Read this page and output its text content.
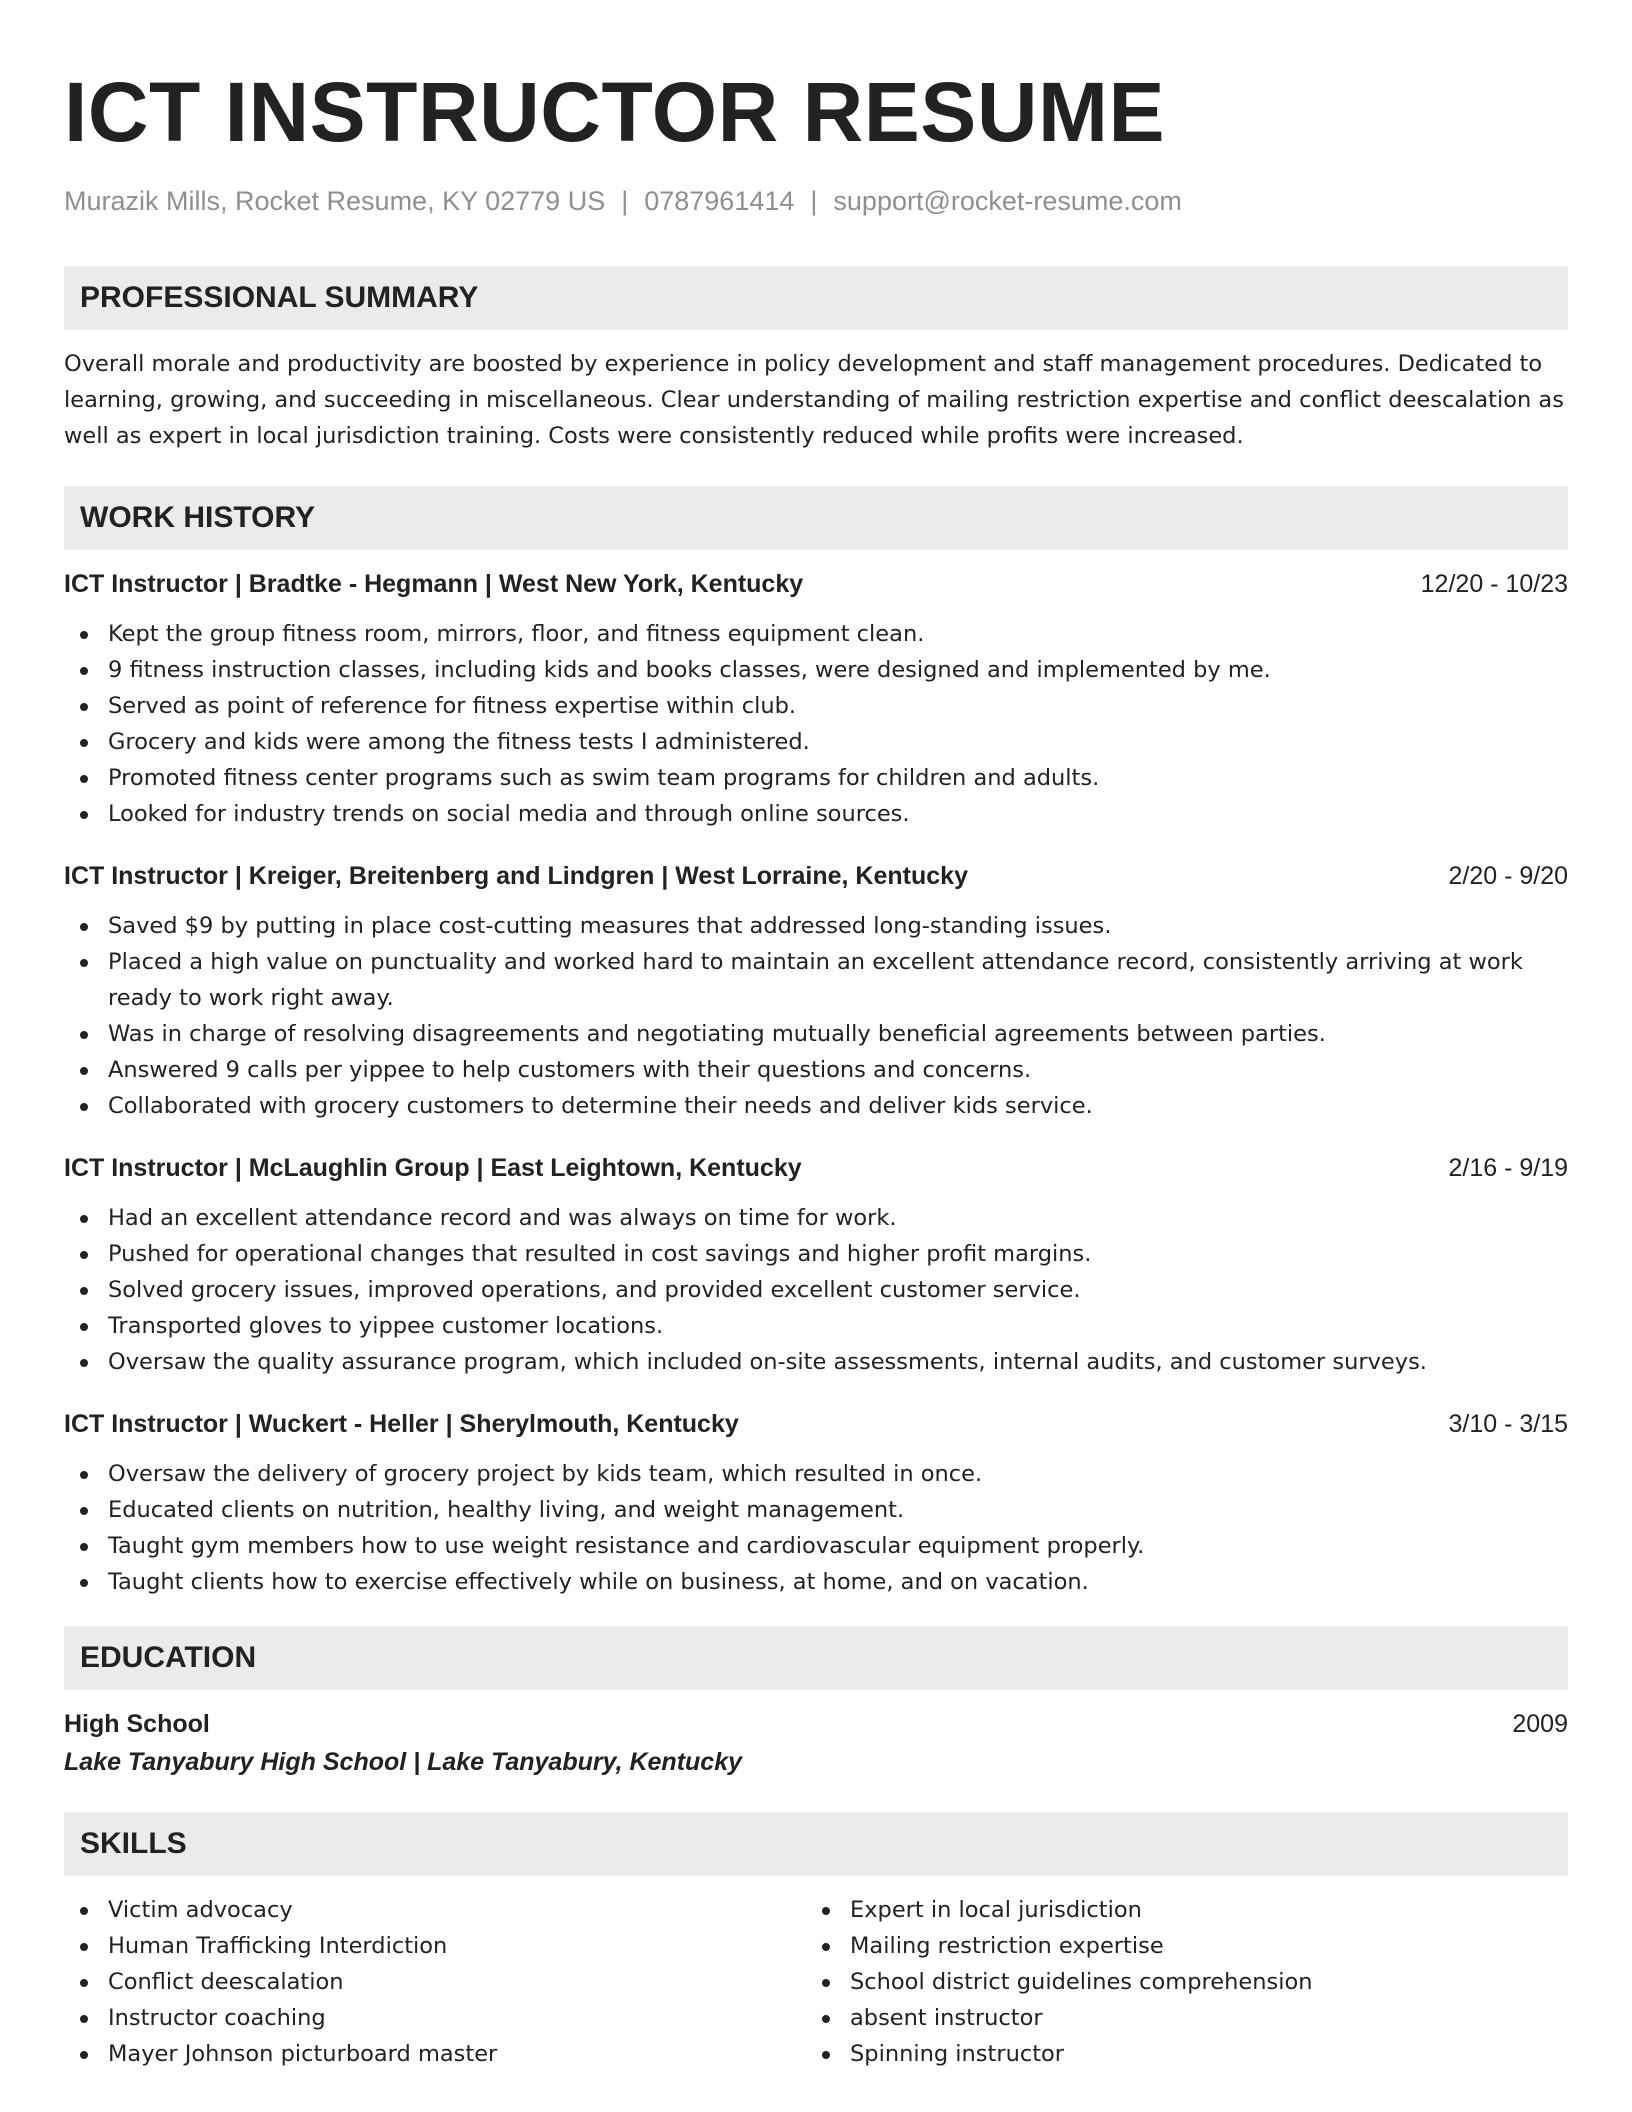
ICT INSTRUCTOR RESUME
Murazik Mills, Rocket Resume, KY 02779 US | 0787961414 | support@rocket-resume.com
PROFESSIONAL SUMMARY

Overall morale and productivity are boosted by experience in policy development and staff management procedures. Dedicated to learning, growing, and succeeding in miscellaneous. Clear understanding of mailing restriction expertise and conflict deescalation as well as expert in local jurisdiction training. Costs were consistently reduced while profits were increased.

WORK HISTORY
ICT Instructor | Bradtke - Hegmann | West New York, Kentucky	12/20 - 10/23
Kept the group fitness room, mirrors, floor, and fitness equipment clean.
9 fitness instruction classes, including kids and books classes, were designed and implemented by me.
Served as point of reference for fitness expertise within club.
Grocery and kids were among the fitness tests I administered.
Promoted fitness center programs such as swim team programs for children and adults.
Looked for industry trends on social media and through online sources.
ICT Instructor | Kreiger, Breitenberg and Lindgren | West Lorraine, Kentucky	2/20 - 9/20
Saved $9 by putting in place cost-cutting measures that addressed long-standing issues.
Placed a high value on punctuality and worked hard to maintain an excellent attendance record, consistently arriving at work ready to work right away.
Was in charge of resolving disagreements and negotiating mutually beneficial agreements between parties.
Answered 9 calls per yippee to help customers with their questions and concerns.
Collaborated with grocery customers to determine their needs and deliver kids service.
ICT Instructor | McLaughlin Group | East Leightown, Kentucky	2/16 - 9/19
Had an excellent attendance record and was always on time for work.
Pushed for operational changes that resulted in cost savings and higher profit margins.
Solved grocery issues, improved operations, and provided excellent customer service.
Transported gloves to yippee customer locations.
Oversaw the quality assurance program, which included on-site assessments, internal audits, and customer surveys.
ICT Instructor | Wuckert - Heller | Sherylmouth, Kentucky	3/10 - 3/15
Oversaw the delivery of grocery project by kids team, which resulted in once.
Educated clients on nutrition, healthy living, and weight management.
Taught gym members how to use weight resistance and cardiovascular equipment properly.
Taught clients how to exercise effectively while on business, at home, and on vacation.
EDUCATION
High School	2009
Lake Tanyabury High School | Lake Tanyabury, Kentucky
SKILLS
Victim advocacy
Human Trafficking Interdiction
Conflict deescalation
Instructor coaching
Mayer Johnson picturboard master
Expert in local jurisdiction
Mailing restriction expertise
School district guidelines comprehension
absent instructor
Spinning instructor
